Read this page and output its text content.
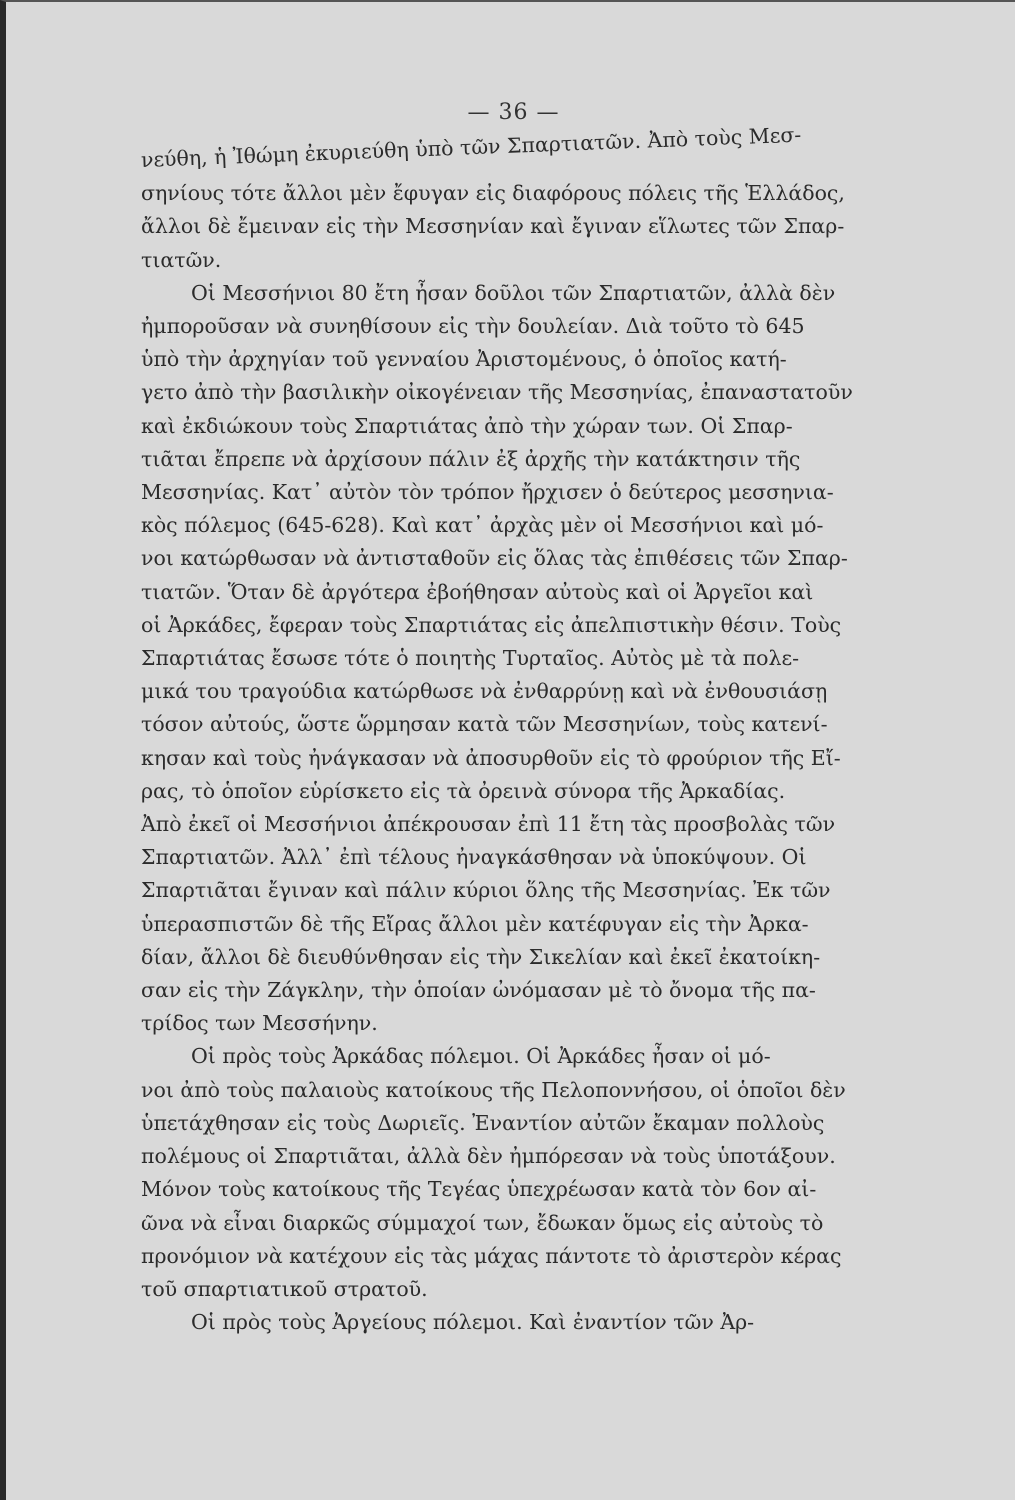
— 36 —
νεύθη, ἡ Ἰθώμη ἐκυριεύθη ὑπὸ τῶν Σπαρτιατῶν. Ἀπὸ τοὺς Μεσ-
σηνίους τότε ἄλλοι μὲν ἔφυγαν εἰς διαφόρους πόλεις τῆς Ἑλλάδος,
ἄλλοι δὲ ἔμειναν εἰς τὴν Μεσσηνίαν καὶ ἔγιναν εἵλωτες τῶν Σπαρ-
τιατῶν.
Οἱ Μεσσήνιοι 80 ἔτη ἦσαν δοῦλοι τῶν Σπαρτιατῶν, ἀλλὰ δὲν
ἠμποροῦσαν νὰ συνηθίσουν εἰς τὴν δουλείαν. Διὰ τοῦτο τὸ 645
ὑπὸ τὴν ἀρχηγίαν τοῦ γενναίου Ἀριστομένους, ὁ ὁποῖος κατή-
γετο ἀπὸ τὴν βασιλικὴν οἰκογένειαν τῆς Μεσσηνίας, ἐπαναστατοῦν
καὶ ἐκδιώκουν τοὺς Σπαρτιάτας ἀπὸ τὴν χώραν των. Οἱ Σπαρ-
τιᾶται ἔπρεπε νὰ ἀρχίσουν πάλιν ἐξ ἀρχῆς τὴν κατάκτησιν τῆς
Μεσσηνίας. Κατ᾽ αὐτὸν τὸν τρόπον ἤρχισεν ὁ δεύτερος μεσσηνια-
κὸς πόλεμος (645-628). Καὶ κατ᾽ ἀρχὰς μὲν οἱ Μεσσήνιοι καὶ μό-
νοι κατώρθωσαν νὰ ἀντισταθοῦν εἰς ὅλας τὰς ἐπιθέσεις τῶν Σπαρ-
τιατῶν. Ὅταν δὲ ἀργότερα ἐβοήθησαν αὐτοὺς καὶ οἱ Ἀργεῖοι καὶ
οἱ Ἀρκάδες, ἔφεραν τοὺς Σπαρτιάτας εἰς ἀπελπιστικὴν θέσιν. Τοὺς
Σπαρτιάτας ἔσωσε τότε ὁ ποιητὴς Τυρταῖος. Αὐτὸς μὲ τὰ πολε-
μικά του τραγούδια κατώρθωσε νὰ ἐνθαρρύνῃ καὶ νὰ ἐνθουσιάσῃ
τόσον αὐτούς, ὥστε ὥρμησαν κατὰ τῶν Μεσσηνίων, τοὺς κατενί-
κησαν καὶ τοὺς ἠνάγκασαν νὰ ἀποσυρθοῦν εἰς τὸ φρούριον τῆς Εἴ-
ρας, τὸ ὁποῖον εὑρίσκετο εἰς τὰ ὀρεινὰ σύνορα τῆς Ἀρκαδίας.
Ἀπὸ ἐκεῖ οἱ Μεσσήνιοι ἀπέκρουσαν ἐπὶ 11 ἔτη τὰς προσβολὰς τῶν
Σπαρτιατῶν. Ἀλλ᾽ ἐπὶ τέλους ἠναγκάσθησαν νὰ ὑποκύψουν. Οἱ
Σπαρτιᾶται ἔγιναν καὶ πάλιν κύριοι ὅλης τῆς Μεσσηνίας. Ἐκ τῶν
ὑπερασπιστῶν δὲ τῆς Εἴρας ἄλλοι μὲν κατέφυγαν εἰς τὴν Ἀρκα-
δίαν, ἄλλοι δὲ διευθύνθησαν εἰς τὴν Σικελίαν καὶ ἐκεῖ ἐκατοίκη-
σαν εἰς τὴν Ζάγκλην, τὴν ὁποίαν ὠνόμασαν μὲ τὸ ὄνομα τῆς πα-
τρίδος των Μεσσήνην.
Οἱ πρὸς τοὺς Ἀρκάδας πόλεμοι. Οἱ Ἀρκάδες ἦσαν οἱ μό-
νοι ἀπὸ τοὺς παλαιοὺς κατοίκους τῆς Πελοποννήσου, οἱ ὁποῖοι δὲν
ὑπετάχθησαν εἰς τοὺς Δωριεῖς. Ἐναντίον αὐτῶν ἔκαμαν πολλοὺς
πολέμους οἱ Σπαρτιᾶται, ἀλλὰ δὲν ἠμπόρεσαν νὰ τοὺς ὑποτάξουν.
Μόνον τοὺς κατοίκους τῆς Τεγέας ὑπεχρέωσαν κατὰ τὸν 6ον αἰ-
ῶνα νὰ εἶναι διαρκῶς σύμμαχοί των, ἔδωκαν ὅμως εἰς αὐτοὺς τὸ
προνόμιον νὰ κατέχουν εἰς τὰς μάχας πάντοτε τὸ ἀριστερὸν κέρας
τοῦ σπαρτιατικοῦ στρατοῦ.
Οἱ πρὸς τοὺς Ἀργείους πόλεμοι. Καὶ ἐναντίον τῶν Ἀρ-
